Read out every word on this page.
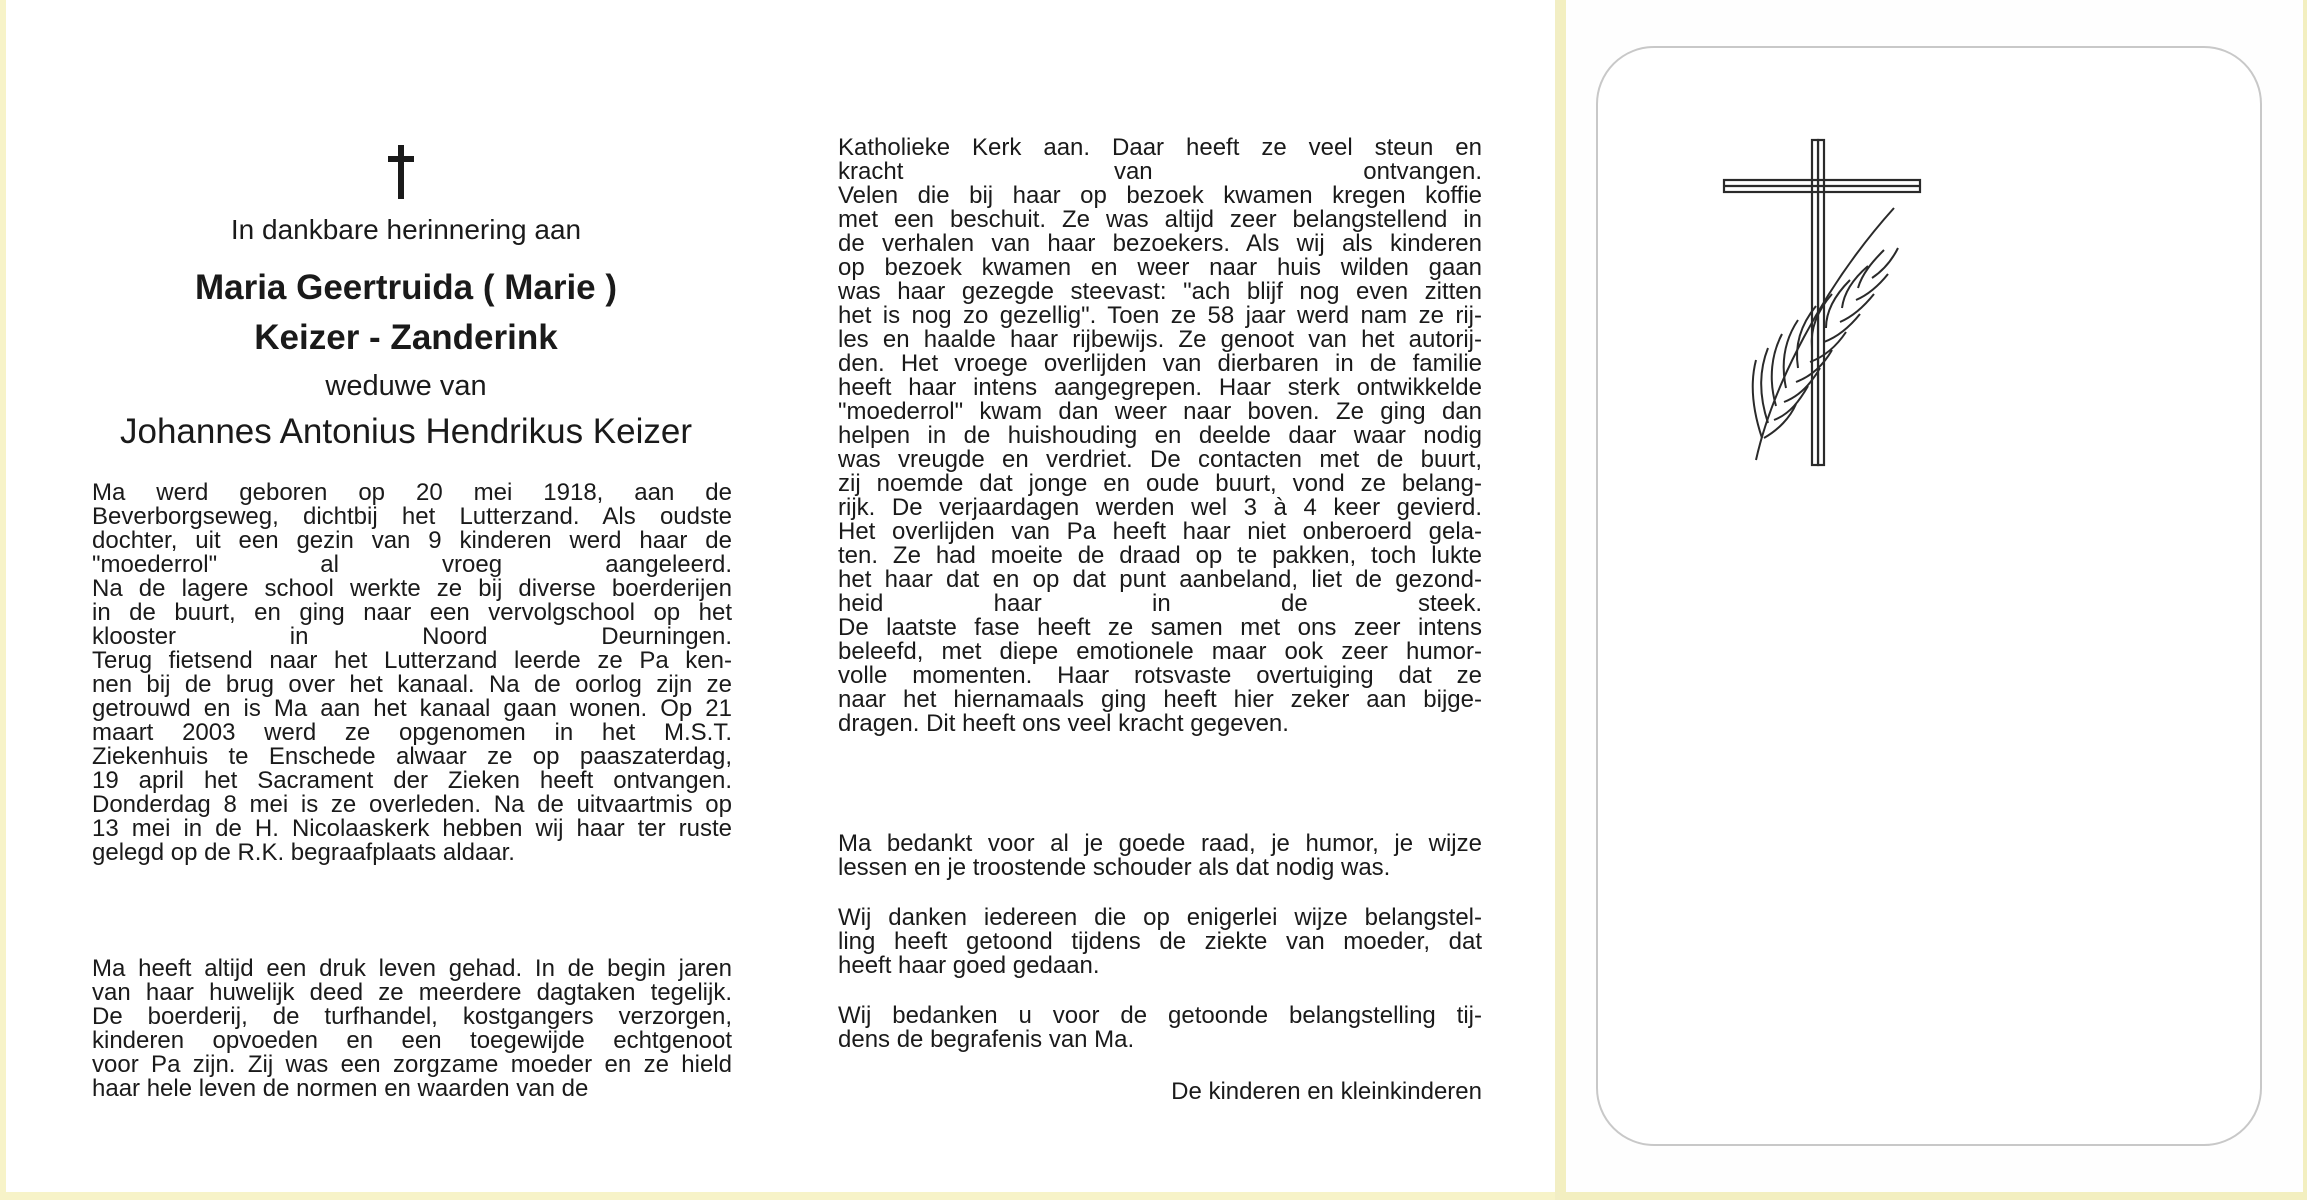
In dankbare herinnering aan
Maria Geertruida ( Marie )
Keizer - Zanderink
weduwe van
Johannes Antonius Hendrikus Keizer
Ma werd geboren op 20 mei 1918, aan de
Beverborgseweg, dichtbij het Lutterzand. Als oudste
dochter, uit een gezin van 9 kinderen werd haar de
"moederrol" al vroeg aangeleerd.
Na de lagere school werkte ze bij diverse boerderijen
in de buurt, en ging naar een vervolgschool op het
klooster in Noord Deurningen.
Terug fietsend naar het Lutterzand leerde ze Pa ken-
nen bij de brug over het kanaal. Na de oorlog zijn ze
getrouwd en is Ma aan het kanaal gaan wonen. Op 21
maart 2003 werd ze opgenomen in het M.S.T.
Ziekenhuis te Enschede alwaar ze op paaszaterdag,
19 april het Sacrament der Zieken heeft ontvangen.
Donderdag 8 mei is ze overleden. Na de uitvaartmis op
13 mei in de H. Nicolaaskerk hebben wij haar ter ruste
gelegd op de R.K. begraafplaats aldaar.
Ma heeft altijd een druk leven gehad. In de begin jaren
van haar huwelijk deed ze meerdere dagtaken tegelijk.
De boerderij, de turfhandel, kostgangers verzorgen,
kinderen opvoeden en een toegewijde echtgenoot
voor Pa zijn. Zij was een zorgzame moeder en ze hield
haar hele leven de normen en waarden van de
Katholieke Kerk aan. Daar heeft ze veel steun en
kracht van ontvangen.
Velen die bij haar op bezoek kwamen kregen koffie
met een beschuit. Ze was altijd zeer belangstellend in
de verhalen van haar bezoekers. Als wij als kinderen
op bezoek kwamen en weer naar huis wilden gaan
was haar gezegde steevast: "ach blijf nog even zitten
het is nog zo gezellig". Toen ze 58 jaar werd nam ze rij-
les en haalde haar rijbewijs. Ze genoot van het autorij-
den. Het vroege overlijden van dierbaren in de familie
heeft haar intens aangegrepen. Haar sterk ontwikkelde
"moederrol" kwam dan weer naar boven. Ze ging dan
helpen in de huishouding en deelde daar waar nodig
was vreugde en verdriet. De contacten met de buurt,
zij noemde dat jonge en oude buurt, vond ze belang-
rijk. De verjaardagen werden wel 3 à 4 keer gevierd.
Het overlijden van Pa heeft haar niet onberoerd gela-
ten. Ze had moeite de draad op te pakken, toch lukte
het haar dat en op dat punt aanbeland, liet de gezond-
heid haar in de steek.
De laatste fase heeft ze samen met ons zeer intens
beleefd, met diepe emotionele maar ook zeer humor-
volle momenten. Haar rotsvaste overtuiging dat ze
naar het hiernamaals ging heeft hier zeker aan bijge-
dragen. Dit heeft ons veel kracht gegeven.
Ma bedankt voor al je goede raad, je humor, je wijze
lessen en je troostende schouder als dat nodig was.
Wij danken iedereen die op enigerlei wijze belangstel-
ling heeft getoond tijdens de ziekte van moeder, dat
heeft haar goed gedaan.
Wij bedanken u voor de getoonde belangstelling tij-
dens de begrafenis van Ma.
De kinderen en kleinkinderen
